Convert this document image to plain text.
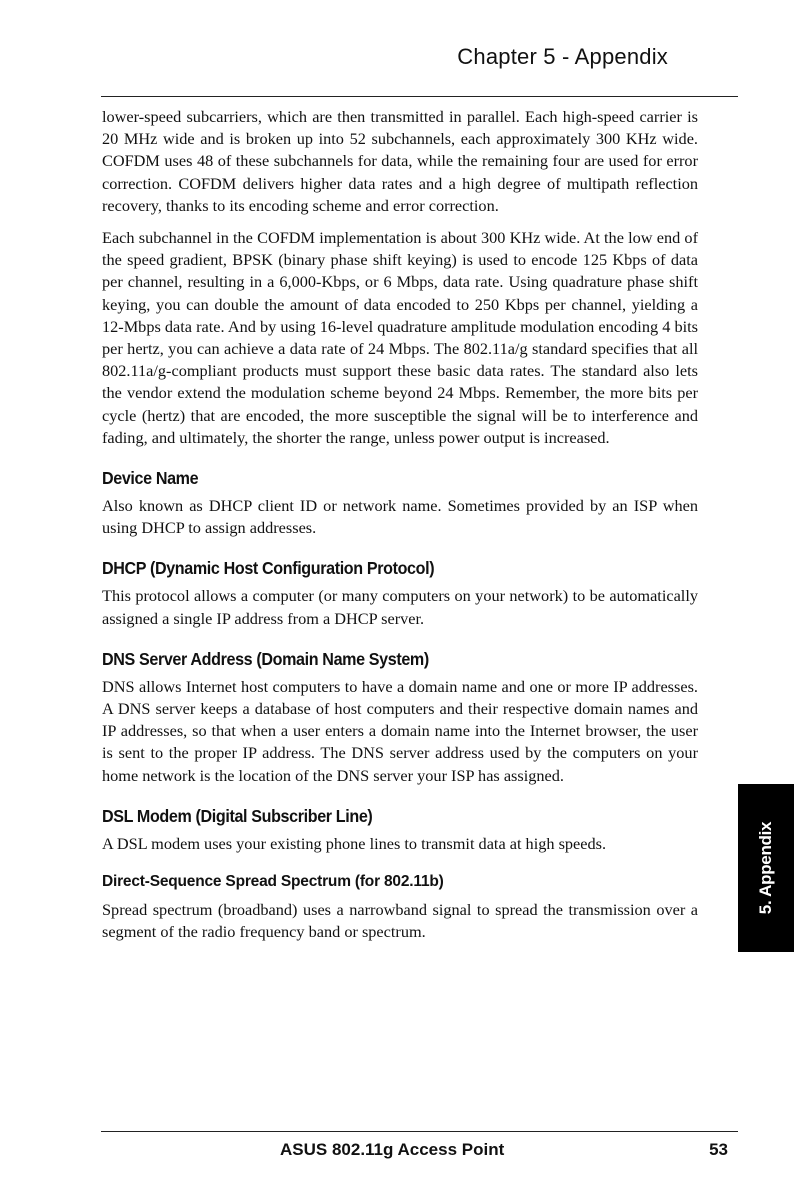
Chapter 5 - Appendix

lower-speed subcarriers, which are then transmitted in parallel. Each high-speed carrier is 20 MHz wide and is broken up into 52 subchannels, each approximately 300 KHz wide. COFDM uses 48 of these subchannels for data, while the remaining four are used for error correction. COFDM delivers higher data rates and a high degree of multipath reflection recovery, thanks to its encoding scheme and error correction.

Each subchannel in the COFDM implementation is about 300 KHz wide. At the low end of the speed gradient, BPSK (binary phase shift keying) is used to encode 125 Kbps of data per channel, resulting in a 6,000-Kbps, or 6 Mbps, data rate. Using quadrature phase shift keying, you can double the amount of data encoded to 250 Kbps per channel, yielding a 12-Mbps data rate. And by using 16-level quadrature amplitude modulation encoding 4 bits per hertz, you can achieve a data rate of 24 Mbps. The 802.11a/g standard specifies that all 802.11a/g-compliant products must support these basic data rates. The standard also lets the vendor extend the modulation scheme beyond 24 Mbps. Remember, the more bits per cycle (hertz) that are encoded, the more susceptible the signal will be to interference and fading, and ultimately, the shorter the range, unless power output is increased.

Device Name

Also known as DHCP client ID or network name. Sometimes provided by an ISP when using DHCP to assign addresses.

DHCP (Dynamic Host Configuration Protocol)

This protocol allows a computer (or many computers on your network) to be automatically assigned a single IP address from a DHCP server.

DNS Server Address (Domain Name System)

DNS allows Internet host computers to have a domain name and one or more IP addresses. A DNS server keeps a database of host computers and their respective domain names and IP addresses, so that when a user enters a domain name into the Internet browser, the user is sent to the proper IP address. The DNS server address used by the computers on your home network is the location of the DNS server your ISP has assigned.

DSL Modem (Digital Subscriber Line)

A DSL modem uses your existing phone lines to transmit data at high speeds.

Direct-Sequence Spread Spectrum (for 802.11b)

Spread spectrum (broadband) uses a narrowband signal to spread the transmission over a segment of the radio frequency band or spectrum.

5. Appendix
ASUS 802.11g Access Point	53
